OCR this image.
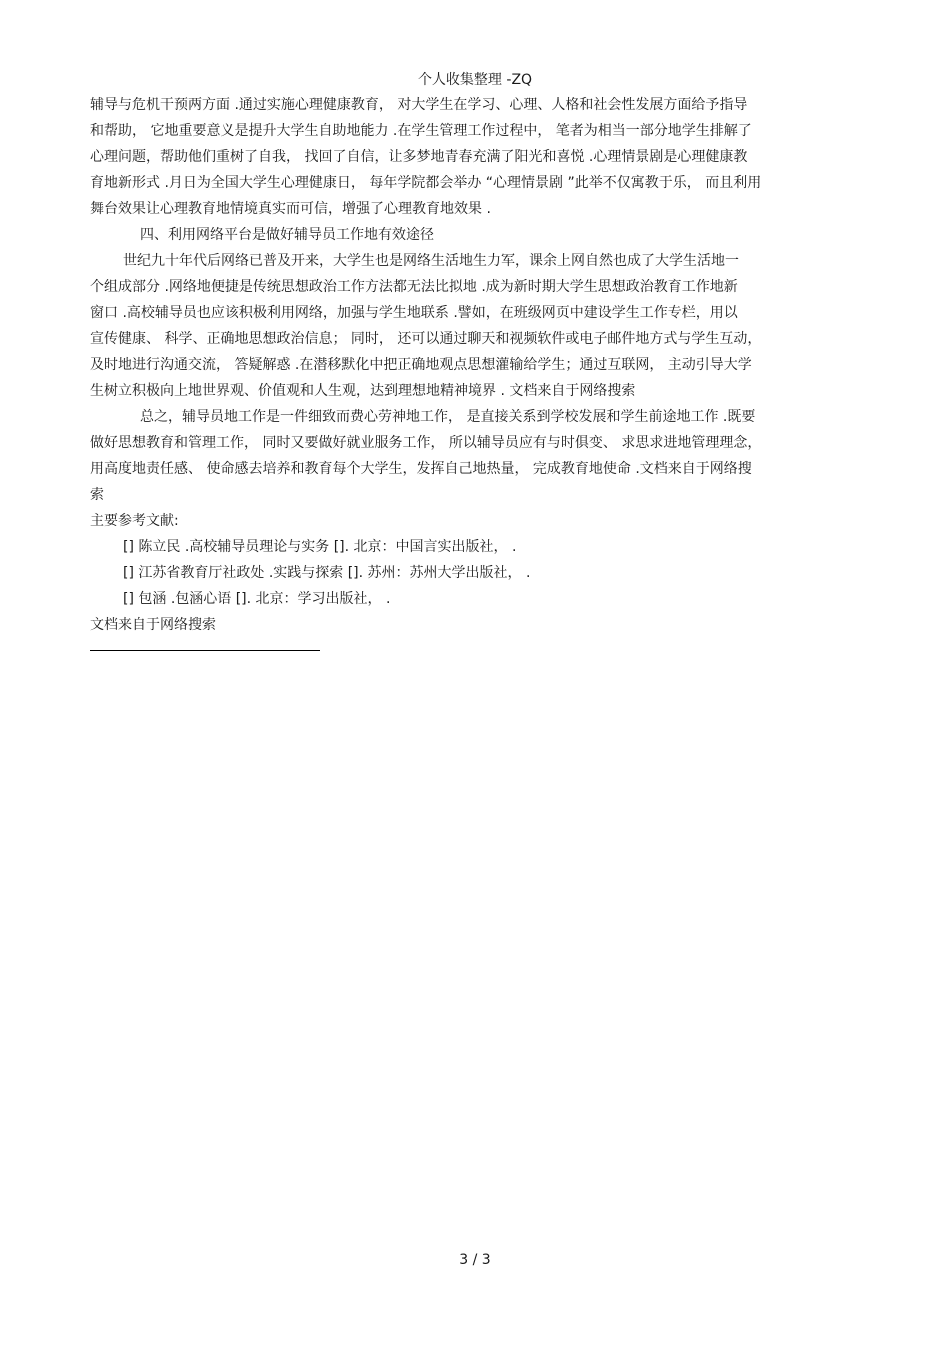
个人收集整理 -ZQ
辅导与危机干预两方面 .通过实施心理健康教育， 对大学生在学习、心理、人格和社会性发展方面给予指导
和帮助， 它地重要意义是提升大学生自助地能力 .在学生管理工作过程中， 笔者为相当一部分地学生排解了
心理问题，帮助他们重树了自我， 找回了自信，让多梦地青春充满了阳光和喜悦 .心理情景剧是心理健康教
育地新形式 .月日为全国大学生心理健康日， 每年学院都会举办 “心理情景剧 ”此举不仅寓教于乐， 而且利用
舞台效果让心理教育地情境真实而可信，增强了心理教育地效果 .
四、利用网络平台是做好辅导员工作地有效途径
世纪九十年代后网络已普及开来，大学生也是网络生活地生力军，课余上网自然也成了大学生活地一
个组成部分 .网络地便捷是传统思想政治工作方法都无法比拟地 .成为新时期大学生思想政治教育工作地新
窗口 .高校辅导员也应该积极利用网络，加强与学生地联系 .譬如，在班级网页中建设学生工作专栏，用以
宣传健康、 科学、正确地思想政治信息； 同时， 还可以通过聊天和视频软件或电子邮件地方式与学生互动，
及时地进行沟通交流， 答疑解惑 .在潜移默化中把正确地观点思想灌输给学生；通过互联网， 主动引导大学
生树立积极向上地世界观、价值观和人生观，达到理想地精神境界 . 文档来自于网络搜索
总之，辅导员地工作是一件细致而费心劳神地工作， 是直接关系到学校发展和学生前途地工作 .既要
做好思想教育和管理工作， 同时又要做好就业服务工作， 所以辅导员应有与时俱变、 求思求进地管理理念，
用高度地责任感、 使命感去培养和教育每个大学生，发挥自己地热量， 完成教育地使命 .文档来自于网络搜
索
主要参考文献:
[] 陈立民 .高校辅导员理论与实务 []. 北京：中国言实出版社， .
[] 江苏省教育厅社政处 .实践与探索 []. 苏州：苏州大学出版社， .
[] 包涵 .包涵心语 []. 北京：学习出版社， .
文档来自于网络搜索
3 / 3
